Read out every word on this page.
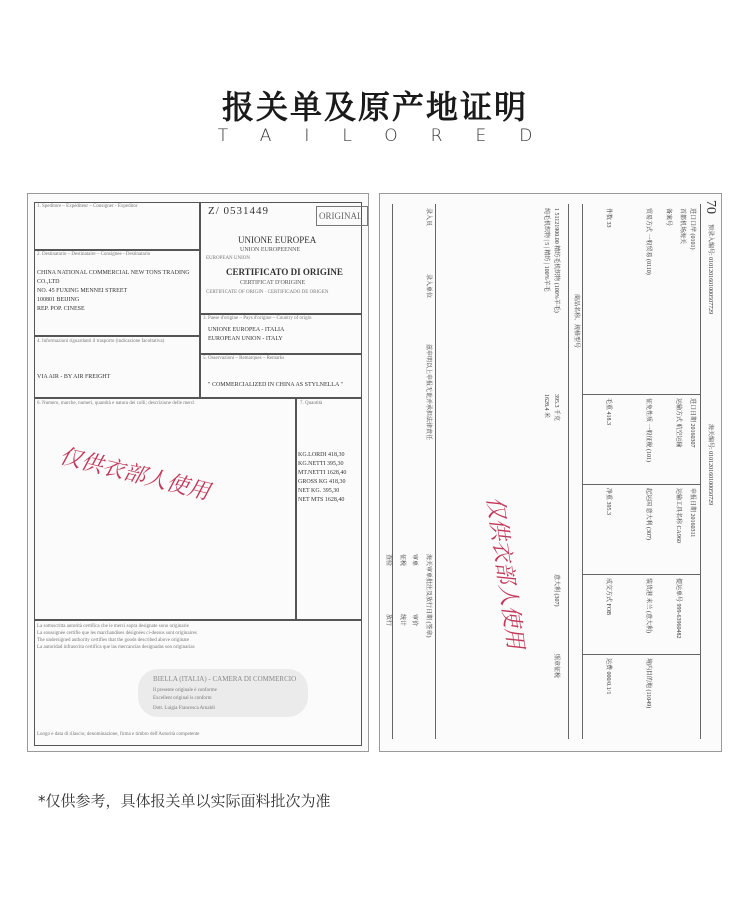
报关单及原产地证明
TAILORED
1. Speditore – Expéditeur – Consigner - Expeditor
2. Destinatario – Destinataire – Consignee - Destinatario
CHINA NATIONAL COMMERCIAL NEW TONS TRADING
CO.,LTD
NO. 45 FUXING MENNEI STREET
100801 BEIJING
REP. POP. CINESE
4. Informazioni riguardanti il trasporto (indicazione facoltativa)
VIA AIR - BY AIR FREIGHT
Z/ 0531449	ORIGINAL
UNIONE EUROPEA
UNION EUROPEENNE
EUROPEAN UNION
CERTIFICATO DI ORIGINE
CERTIFICAT D'ORIGINE
CERTIFICATE OF ORIGIN · CERTIFICADO DE ORIGEN
3. Paese d'origine – Pays d'origine – Country of origin
UNIONE EUROPEA - ITALIA
EUROPEAN UNION - ITALY
5. Osservazioni – Remarques – Remarks
" COMMERCIALIZED IN CHINA AS STYLNELLA "
6. Numero, marche, numeri, quantità e natura dei colli; descrizione delle merci	7. Quantità
KG.LORDI 418,30
KG.NETTI 395,30
MT.NETTI 1628,40
GROSS KG 418,30
NET KG. 395,30
NET MTS 1628,40
仅供衣部人使用
La sottoscritta autorità certifica che le merci sopra designate sono originarie
La soussignée certifie que les marchandises désignées ci-dessus sont originaires
The undersigned authority certifies that the goods described above originate
La autoridad infrascrita certifica que las mercancías designadas son originarias
BIELLA (ITALIA) - CAMERA DI COMMERCIO
Il presente originale è conforme
Excellent original is conform
Dott. Luigia Francesca Arnaldi
Luogo e data di rilascio; denominazione, firma e timbro dell'Autorità competente
70
预录入编号: 0101201601000507729
海关编号: 010120160100050729
进口口岸 (0101)
首都机场海关
备案号
进口日期 20160307
申报日期 20160311
运输方式 航空运输
运输工具名称 CA960
提运单号 999-63960482
贸易方式 一般贸易 (0110)
征免性质 一般征税 (101)
起运国 意大利 (307)
装货港 米兰 (意大利)
境内目的地 (11049)
件数 33
毛重 418.3
净重 395.3
成交方式 FOB
运费 000/0.1/1
商品名称、规格型号
1 51121900.00 精纺毛机织物 (100%羊毛)
纯毛机织物 | 5 | 精纺 | 100%羊毛
395.3 千克
1628.4 米
意大利 (307)
照章征税
仅供衣部人使用
录入员
录入单位
兹申明以上申报无讹并承担法律责任
海关审单批注及放行日期 (签章)
审单
审价
征税
统计
查验
放行
*仅供参考，具体报关单以实际面料批次为准
